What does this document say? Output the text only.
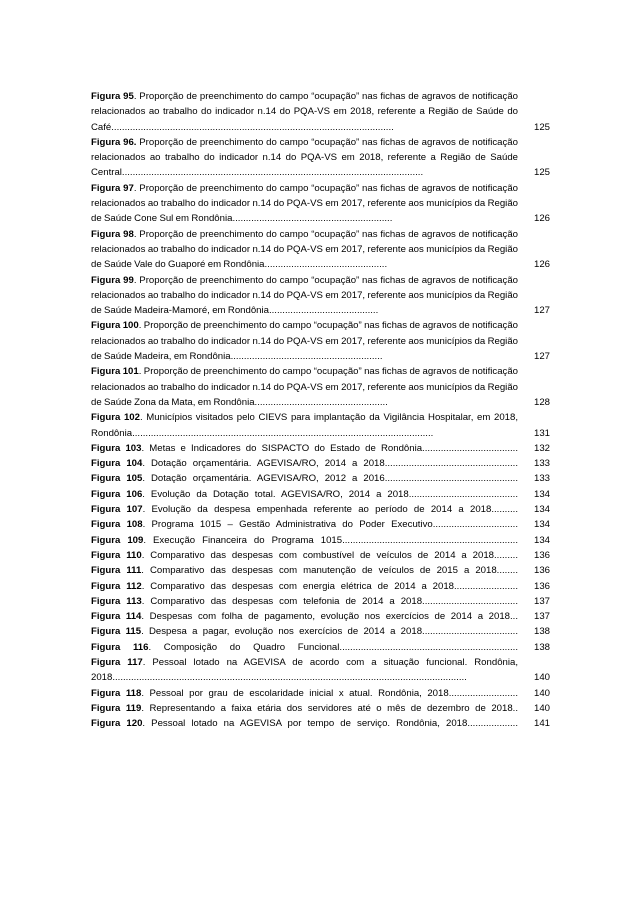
Figura 95. Proporção de preenchimento do campo “ocupação” nas fichas de agravos de notificação relacionados ao trabalho do indicador n.14 do PQA-VS em 2018, referente a Região de Saúde do Café..........................................................................................................	125
Figura 96. Proporção de preenchimento do campo “ocupação” nas fichas de agravos de notificação relacionados ao trabalho do indicador n.14 do PQA-VS em 2018, referente a Região de Saúde Central.................................................................................................................	125
Figura 97. Proporção de preenchimento do campo “ocupação” nas fichas de agravos de notificação relacionados ao trabalho do indicador n.14 do PQA-VS em 2017, referente aos municípios da Região de Saúde Cone Sul em Rondônia............................................................	126
Figura 98. Proporção de preenchimento do campo “ocupação” nas fichas de agravos de notificação relacionados ao trabalho do indicador n.14 do PQA-VS em 2017, referente aos municípios da Região de Saúde Vale do Guaporé em Rondônia..............................................	126
Figura 99. Proporção de preenchimento do campo “ocupação” nas fichas de agravos de notificação relacionados ao trabalho do indicador n.14 do PQA-VS em 2017, referente aos municípios da Região de Saúde Madeira-Mamoré, em Rondônia.........................................	127
Figura 100. Proporção de preenchimento do campo “ocupação” nas fichas de agravos de notificação relacionados ao trabalho do indicador n.14 do PQA-VS em 2017, referente aos municípios da Região de Saúde Madeira, em Rondônia.........................................................	127
Figura 101. Proporção de preenchimento do campo “ocupação” nas fichas de agravos de notificação relacionados ao trabalho do indicador n.14 do PQA-VS em 2017, referente aos municípios da Região de Saúde Zona da Mata, em Rondônia..................................................	128
Figura 102. Municípios visitados pelo CIEVS para implantação da Vigilância Hospitalar, em 2018, Rondônia.................................................................................................................	131
Figura 103. Metas e Indicadores do SISPACTO do Estado de Rondônia....................................	132
Figura 104. Dotação orçamentária. AGEVISA/RO, 2014 a 2018..................................................	133
Figura 105. Dotação orçamentária. AGEVISA/RO, 2012 a 2016..................................................	133
Figura 106. Evolução da Dotação total. AGEVISA/RO, 2014 a 2018.........................................	134
Figura 107. Evolução da despesa empenhada referente ao período de 2014 a 2018..........	134
Figura 108. Programa 1015 – Gestão Administrativa do Poder Executivo................................	134
Figura 109. Execução Financeira do Programa 1015..................................................................	134
Figura 110. Comparativo das despesas com combustível de veículos de 2014 a 2018.........	136
Figura 111. Comparativo das despesas com manutenção de veículos de 2015 a 2018........	136
Figura 112. Comparativo das despesas com energia elétrica de 2014 a 2018........................	136
Figura 113. Comparativo das despesas com telefonia de 2014 a 2018....................................	137
Figura 114. Despesas com folha de pagamento, evolução nos exercícios de 2014 a 2018...	137
Figura 115. Despesa a pagar, evolução nos exercícios de 2014 a 2018....................................	138
Figura 116. Composição do Quadro Funcional...................................................................	138
Figura 117. Pessoal lotado na AGEVISA de acordo com a situação funcional. Rondônia, 2018.....................................................................................................................................	140
Figura 118. Pessoal por grau de escolaridade inicial x atual. Rondônia, 2018..........................	140
Figura 119. Representando a faixa etária dos servidores até o mês de dezembro de 2018..	140
Figura 120. Pessoal lotado na AGEVISA por tempo de serviço. Rondônia, 2018...................	141
